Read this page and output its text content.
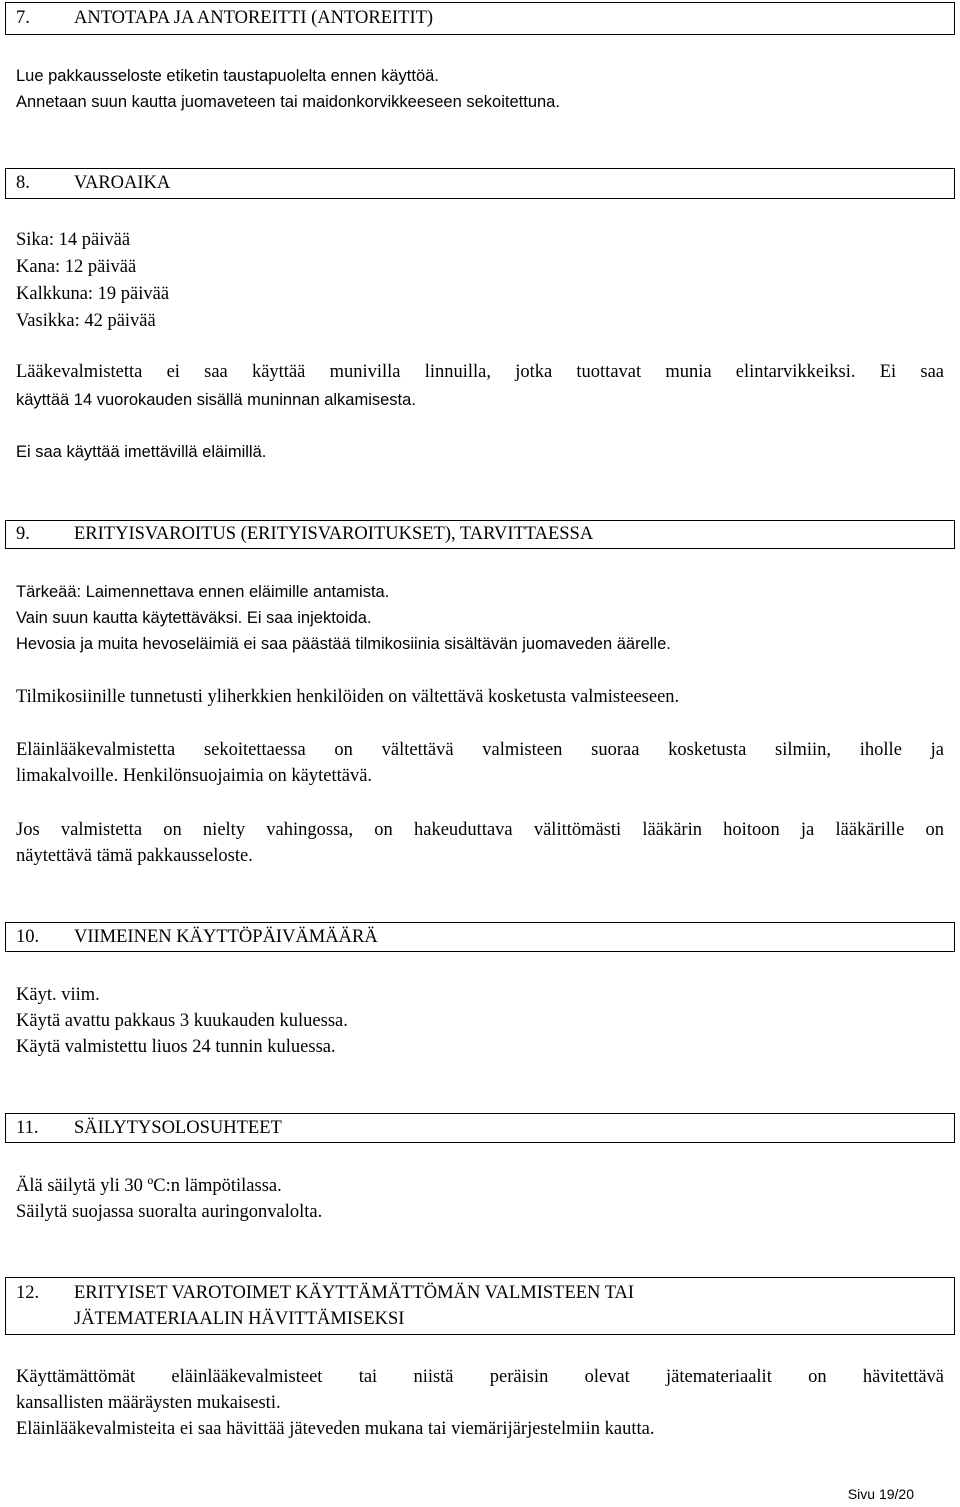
7. ANTOTAPA JA ANTOREITTI (ANTOREITIT)
Lue pakkausseloste etiketin taustapuolelta ennen käyttöä.
Annetaan suun kautta juomaveteen tai maidonkorvikkeeseen sekoitettuna.
8. VAROAIKA
Sika: 14 päivää
Kana: 12 päivää
Kalkkuna: 19 päivää
Vasikka: 42 päivää
Lääkevalmistetta ei saa käyttää munivilla linnuilla, jotka tuottavat munia elintarvikkeiksi. Ei saa
käyttää 14 vuorokauden sisällä muninnan alkamisesta.
Ei saa käyttää imettävillä eläimillä.
9. ERITYISVAROITUS (ERITYISVAROITUKSET), TARVITTAESSA
Tärkeää: Laimennettava ennen eläimille antamista.
Vain suun kautta käytettäväksi. Ei saa injektoida.
Hevosia ja muita hevoseläimiä ei saa päästää tilmikosiinia sisältävän juomaveden äärelle.
Tilmikosiinille tunnetusti yliherkkien henkilöiden on vältettävä kosketusta valmisteeseen.
Eläinlääkevalmistetta sekoitettaessa on vältettävä valmisteen suoraa kosketusta silmiin, iholle ja
limakalvoille. Henkilönsuojaimia on käytettävä.
Jos valmistetta on nielty vahingossa, on hakeuduttava välittömästi lääkärin hoitoon ja lääkärille on
näytettävä tämä pakkausseloste.
10. VIIMEINEN KÄYTTÖPÄIVÄMÄÄRÄ
Käyt. viim.
Käytä avattu pakkaus 3 kuukauden kuluessa.
Käytä valmistettu liuos 24 tunnin kuluessa.
11. SÄILYTYSOLOSUHTEET
Älä säilytä yli 30 ºC:n lämpötilassa.
Säilytä suojassa suoralta auringonvalolta.
12. ERITYISET VAROTOIMET KÄYTTÄMÄTTÖMÄN VALMISTEEN TAI
JÄTEMATERIAALIN HÄVITTÄMISEKSI
Käyttämättömät eläinlääkevalmisteet tai niistä peräisin olevat jätemateriaalit on hävitettävä
kansallisten määräysten mukaisesti.
Eläinlääkevalmisteita ei saa hävittää jäteveden mukana tai viemärijärjestelmiin kautta.
Sivu 19/20
